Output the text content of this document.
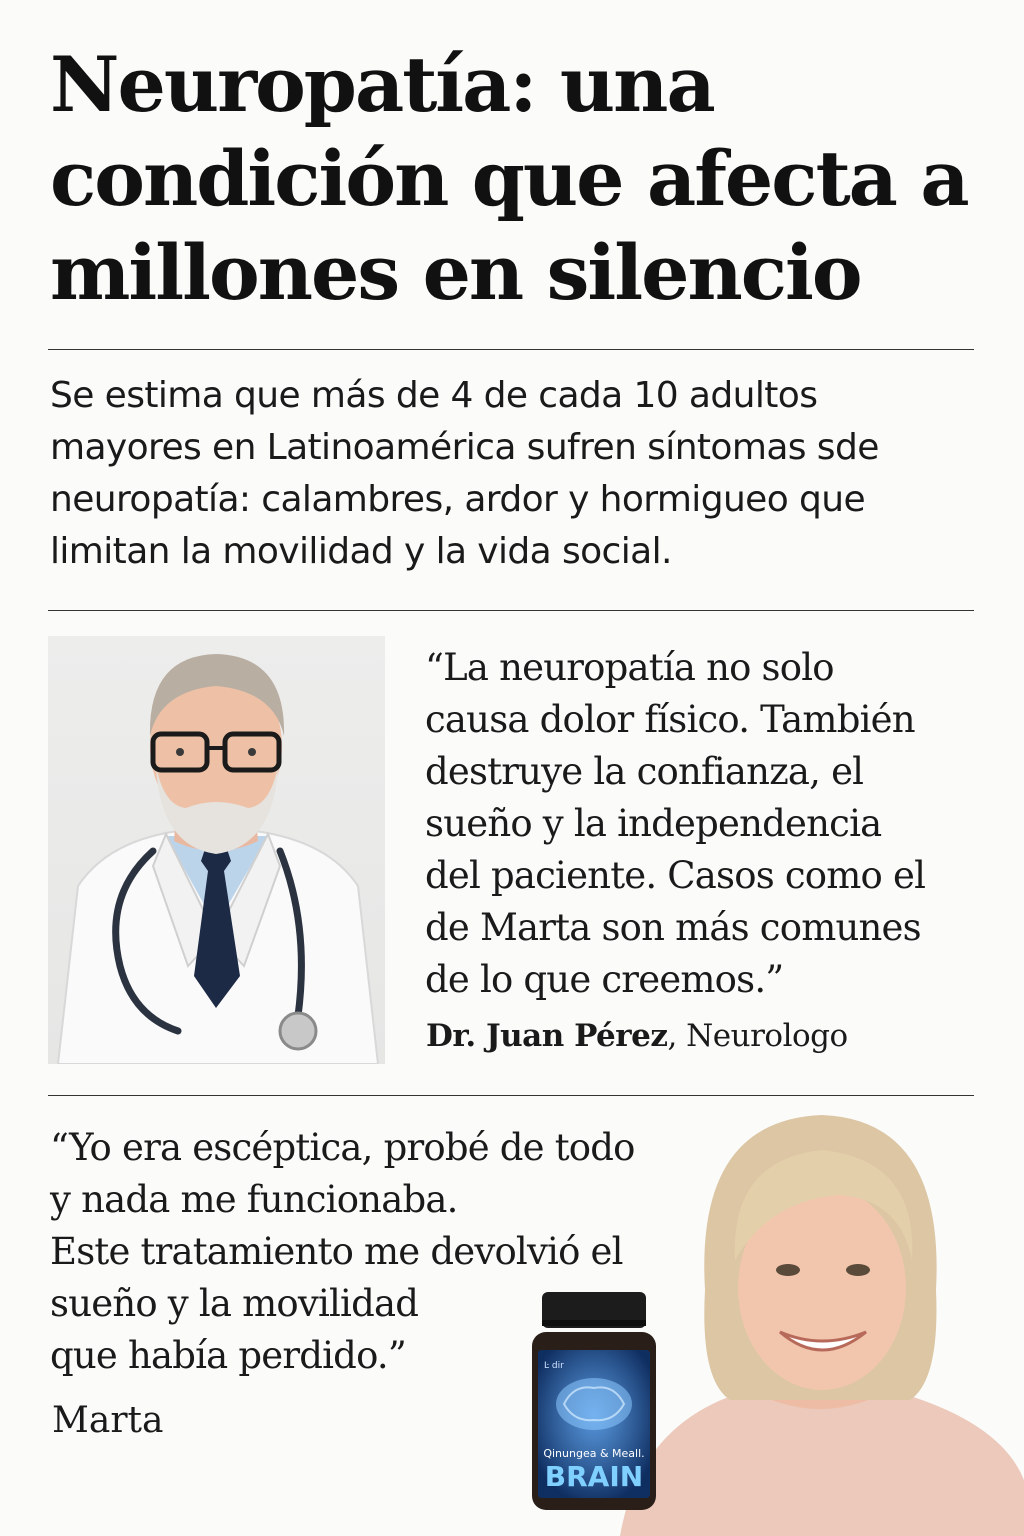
Neuropatía: una
condición que afecta a
millones en silencio

Se estima que más de 4 de cada 10 adultos
mayores en Latinoamérica sufren síntomas sde
neuropatía: calambres, ardor y hormigueo que
limitan la movilidad y la vida social.

“La neuropatía no solo
causa dolor físico. También
destruye la confianza, el
sueño y la independencia
del paciente. Casos como el
de Marta son más comunes
de lo que creemos.”

Dr. Juan Pérez, Neurologo

“Yo era escéptica, probé de todo
y nada me funcionaba.
Este tratamiento me devolvió el
sueño y la movilidad
que había perdido.”

Marta

Ŀ dir
Qinungea & Meall.
BRAIN
